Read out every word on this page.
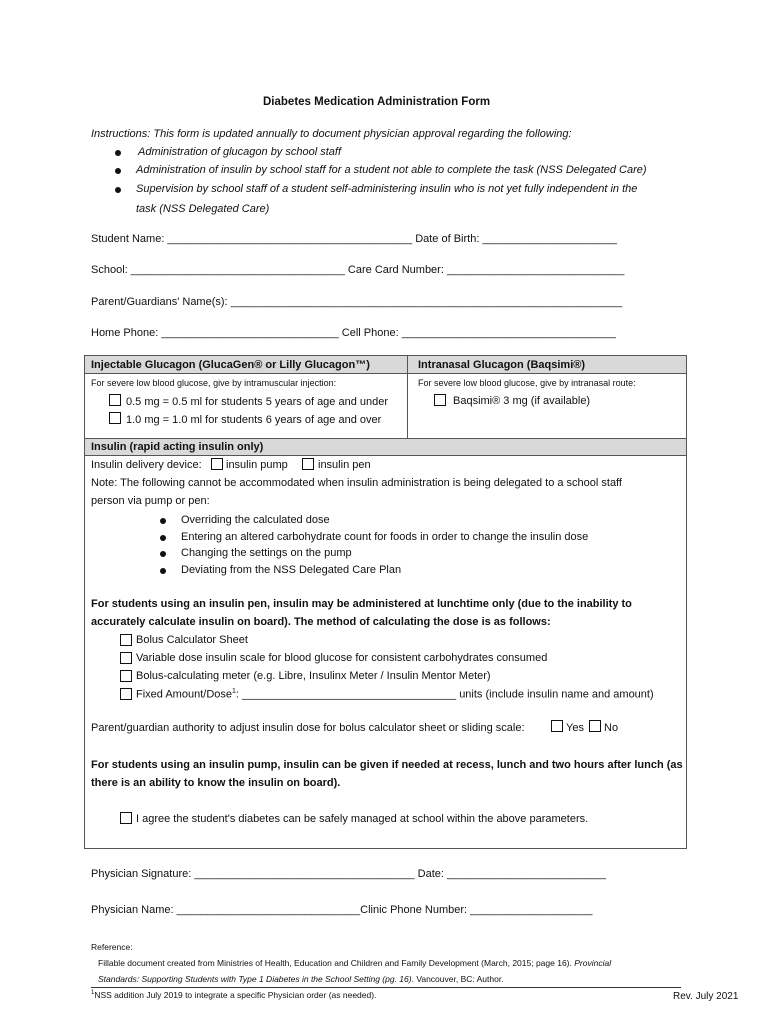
Diabetes Medication Administration Form
Instructions: This form is updated annually to document physician approval regarding the following:
Administration of glucagon by school staff
Administration of insulin by school staff for a student not able to complete the task (NSS Delegated Care)
Supervision by school staff of a student self-administering insulin who is not yet fully independent in the
task (NSS Delegated Care)
Student Name: ________________________________________ Date of Birth: ______________________
School: ___________________________________ Care Card Number: _____________________________
Parent/Guardians' Name(s): ________________________________________________________________
Home Phone: _____________________________ Cell Phone: ___________________________________
Injectable Glucagon (GlucaGen® or Lilly Glucagon™)	Intranasal Glucagon (Baqsimi®)
For severe low blood glucose, give by intramuscular injection:	For severe low blood glucose, give by intranasal route:
0.5 mg = 0.5 ml for students 5 years of age and under
1.0 mg = 1.0 ml for students 6 years of age and over
Baqsimi® 3 mg (if available)
Insulin (rapid acting insulin only)
Insulin delivery device: insulin pump	insulin pen
Note: The following cannot be accommodated when insulin administration is being delegated to a school staff
person via pump or pen:
Overriding the calculated dose
Entering an altered carbohydrate count for foods in order to change the insulin dose
Changing the settings on the pump
Deviating from the NSS Delegated Care Plan
For students using an insulin pen, insulin may be administered at lunchtime only (due to the inability to
accurately calculate insulin on board). The method of calculating the dose is as follows:
Bolus Calculator Sheet
Variable dose insulin scale for blood glucose for consistent carbohydrates consumed
Bolus-calculating meter (e.g. Libre, Insulinx Meter / Insulin Mentor Meter)
Fixed Amount/Dose$^1$: ___________________________________ units (include insulin name and amount)
Parent/guardian authority to adjust insulin dose for bolus calculator sheet or sliding scale:	Yes No
For students using an insulin pump, insulin can be given if needed at recess, lunch and two hours after lunch (as
there is an ability to know the insulin on board).
I agree the student's diabetes can be safely managed at school within the above parameters.
Physician Signature: ____________________________________ Date: __________________________
Physician Name: ______________________________Clinic Phone Number: ____________________
Reference:
Fillable document created from Ministries of Health, Education and Children and Family Development (March, 2015; page 16). Provincial
Standards: Supporting Students with Type 1 Diabetes in the School Setting (pg. 16). Vancouver, BC: Author.
$^1$NSS addition July 2019 to integrate a specific Physician order (as needed).	Rev. July 2021
